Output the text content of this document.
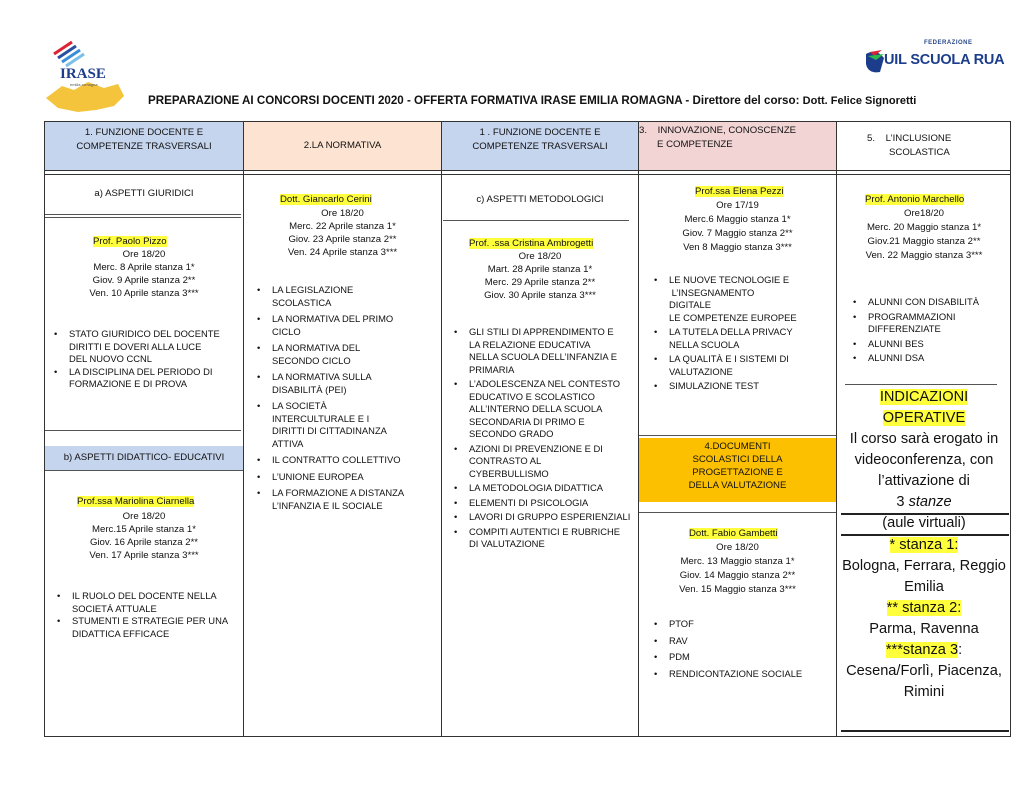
IRASE
emilia-romagna
FEDERAZIONE
UIL SCUOLA RUA
PREPARAZIONE AI CONCORSI DOCENTI 2020 - OFFERTA FORMATIVA IRASE EMILIA ROMAGNA - Direttore del corso: Dott. Felice Signoretti
1. FUNZIONE DOCENTE E
COMPETENZE TRASVERSALI	2.LA NORMATIVA
1 . FUNZIONE DOCENTE E
COMPETENZE TRASVERSALI
3.    INNOVAZIONE, CONOSCENZE
E COMPETENZE
5.    L’INCLUSIONE
SCOLASTICA
a) ASPETTI GIURIDICI
Prof. Paolo Pizzo
Ore 18/20
Merc. 8 Aprile stanza 1*
Giov. 9 Aprile stanza 2**
Ven. 10 Aprile stanza 3***
• STATO GIURIDICO DEL DOCENTE
DIRITTI E DOVERI ALLA LUCE
DEL NUOVO CCNL
• LA DISCIPLINA DEL PERIODO DI
FORMAZIONE E DI PROVA
b) ASPETTI DIDATTICO- EDUCATIVI
Prof.ssa Mariolina Ciarnella
Ore 18/20
Merc.15 Aprile stanza 1*
Giov. 16 Aprile stanza 2**
Ven. 17 Aprile stanza 3***
• IL RUOLO DEL DOCENTE NELLA
SOCIETÁ ATTUALE
• STUMENTI E STRATEGIE PER UNA
DIDATTICA EFFICACE
Dott. Giancarlo Cerini
Ore 18/20
Merc. 22 Aprile stanza 1*
Giov. 23 Aprile stanza 2**
Ven. 24 Aprile stanza 3***
• LA LEGISLAZIONE
SCOLASTICA
• LA NORMATIVA DEL PRIMO
CICLO
• LA NORMATIVA DEL
SECONDO CICLO
• LA NORMATIVA SULLA
DISABILITÀ (PEI)
• LA SOCIETÀ
INTERCULTURALE E I
DIRITTI DI CITTADINANZA
ATTIVA
• IL CONTRATTO COLLETTIVO
• L’UNIONE EUROPEA
• LA FORMAZIONE A DISTANZA
L’INFANZIA E IL SOCIALE
c) ASPETTI METODOLOGICI
Prof. .ssa Cristina Ambrogetti
Ore 18/20
Mart. 28 Aprile stanza 1*
Merc. 29 Aprile stanza 2**
Giov. 30 Aprile stanza 3***
• GLI STILI DI APPRENDIMENTO E
LA RELAZIONE EDUCATIVA
NELLA SCUOLA DELL’INFANZIA E
PRIMARIA
• L’ADOLESCENZA NEL CONTESTO
EDUCATIVO E SCOLASTICO
ALL’INTERNO DELLA SCUOLA
SECONDARIA DI PRIMO E
SECONDO GRADO
• AZIONI DI PREVENZIONE E DI
CONTRASTO AL
CYBERBULLISMO
• LA METODOLOGIA DIDATTICA
• ELEMENTI DI PSICOLOGIA
• LAVORI DI GRUPPO ESPERIENZIALI
• COMPITI AUTENTICI E RUBRICHE
DI VALUTAZIONE
Prof.ssa Elena Pezzi
Ore 17/19
Merc.6 Maggio stanza 1*
Giov. 7 Maggio stanza 2**
Ven 8 Maggio stanza 3***
• LE NUOVE TECNOLOGIE E
L’INSEGNAMENTO
DIGITALE
LE COMPETENZE EUROPEE
• LA TUTELA DELLA PRIVACY
NELLA SCUOLA
• LA QUALITÀ E I SISTEMI DI
VALUTAZIONE
• SIMULAZIONE TEST
4.DOCUMENTI
SCOLASTICI DELLA
PROGETTAZIONE E
DELLA VALUTAZIONE
Dott. Fabio Gambetti
Ore 18/20
Merc. 13 Maggio stanza 1*
Giov. 14 Maggio stanza 2**
Ven. 15 Maggio stanza 3***
• PTOF
• RAV
• PDM
• RENDICONTAZIONE SOCIALE
Prof. Antonio Marchello
Ore18/20
Merc. 20 Maggio stanza 1*
Giov.21 Maggio stanza 2**
Ven. 22 Maggio stanza 3***
• ALUNNI CON DISABILITÀ
• PROGRAMMAZIONI
DIFFERENZIATE
• ALUNNI BES
• ALUNNI DSA
INDICAZIONI
OPERATIVE
Il corso sarà erogato in
videoconferenza, con
l’attivazione di
3 stanze
(aule virtuali)
* stanza 1:
Bologna, Ferrara, Reggio
Emilia
** stanza 2:
Parma, Ravenna
***stanza 3:
Cesena/Forlì, Piacenza,
Rimini
